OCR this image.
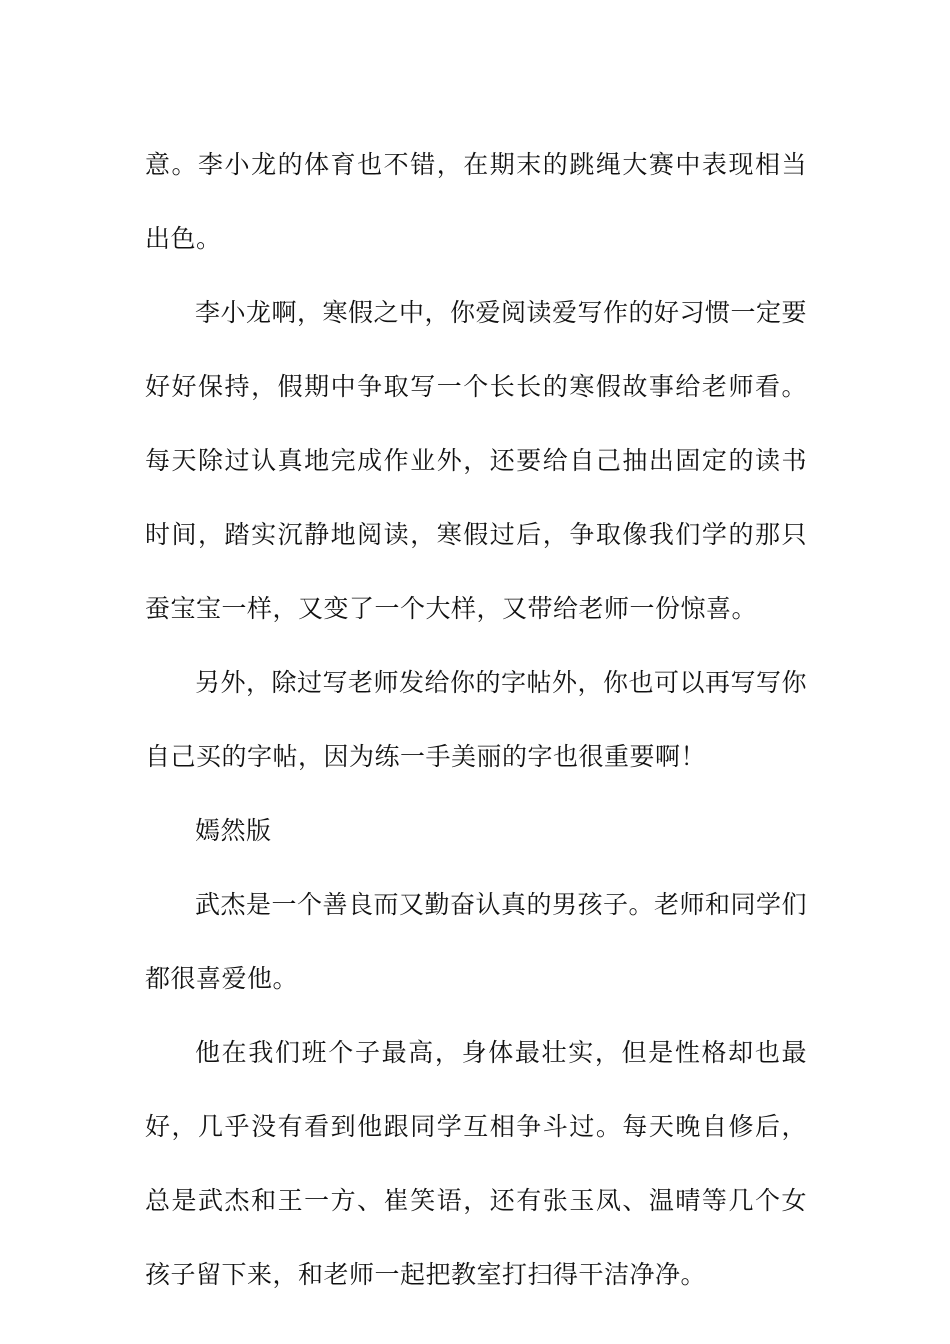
意。李小龙的体育也不错，在期末的跳绳大赛中表现相当出色。

李小龙啊，寒假之中，你爱阅读爱写作的好习惯一定要好好保持，假期中争取写一个长长的寒假故事给老师看。每天除过认真地完成作业外，还要给自己抽出固定的读书时间，踏实沉静地阅读，寒假过后，争取像我们学的那只蚕宝宝一样，又变了一个大样，又带给老师一份惊喜。

另外，除过写老师发给你的字帖外，你也可以再写写你自己买的字帖，因为练一手美丽的字也很重要啊！

嫣然版

武杰是一个善良而又勤奋认真的男孩子。老师和同学们都很喜爱他。

他在我们班个子最高，身体最壮实，但是性格却也最好，几乎没有看到他跟同学互相争斗过。每天晚自修后，总是武杰和王一方、崔笑语，还有张玉凤、温晴等几个女孩子留下来，和老师一起把教室打扫得干洁净净。
